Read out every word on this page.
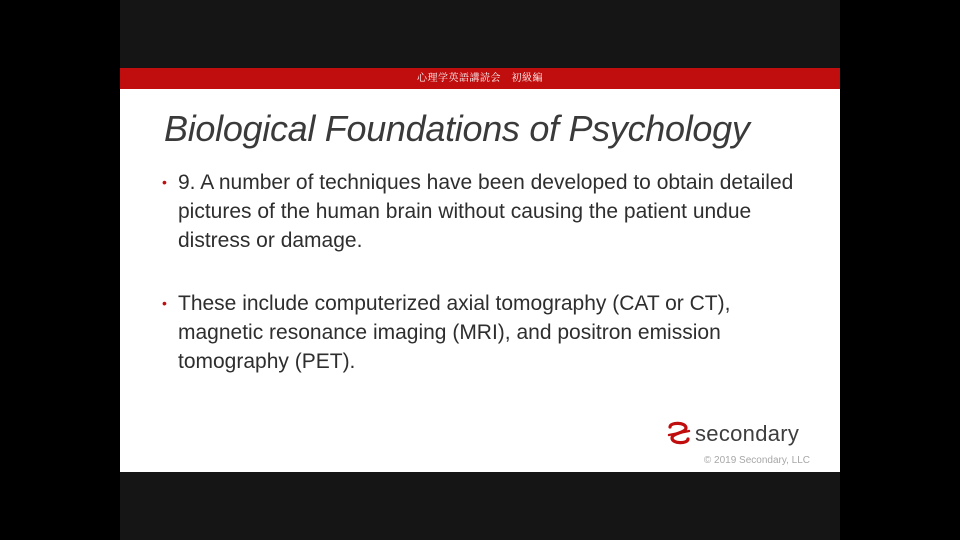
心理学英語講読会　初級編
Biological Foundations of Psychology
• 9. A number of techniques have been developed to obtain detailed pictures of the human brain without causing the patient undue distress or damage.
• These include computerized axial tomography (CAT or CT), magnetic resonance imaging (MRI), and positron emission tomography (PET).
secondary
© 2019 Secondary, LLC
